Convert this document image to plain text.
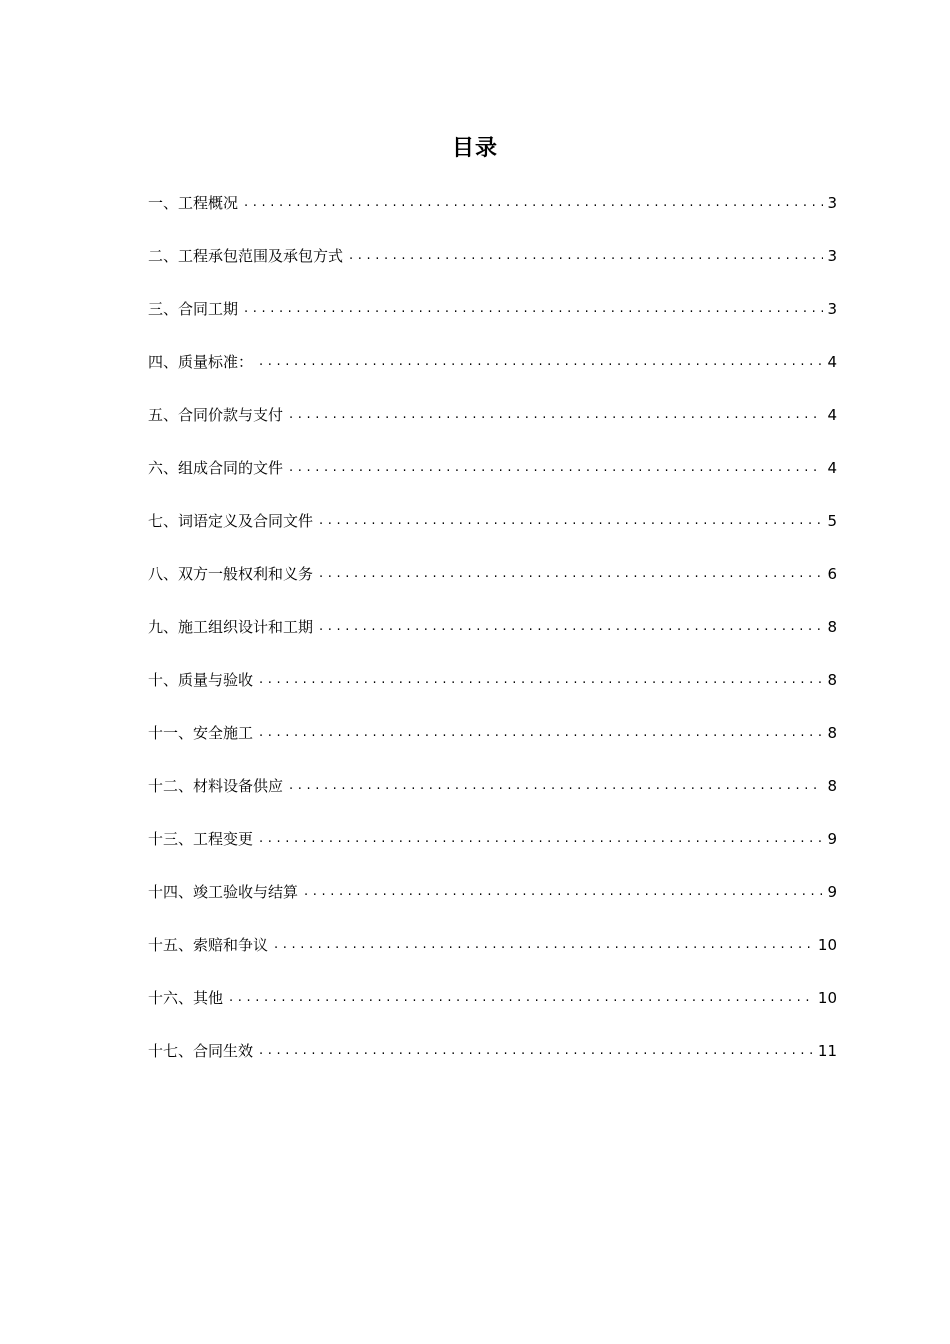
目录
一、工程概况 .....	3
二、工程承包范围及承包方式 .....	3
三、合同工期 .....	3
四、质量标准： .....	4
五、合同价款与支付 .....	4
六、组成合同的文件 .....	4
七、词语定义及合同文件 .....	5
八、双方一般权利和义务 .....	6
九、施工组织设计和工期 .....	8
十、质量与验收 .....	8
十一、安全施工 .....	8
十二、材料设备供应 .....	8
十三、工程变更 .....	9
十四、竣工验收与结算 .....	9
十五、索赔和争议 .....	10
十六、其他 .....	10
十七、合同生效 .....	11
